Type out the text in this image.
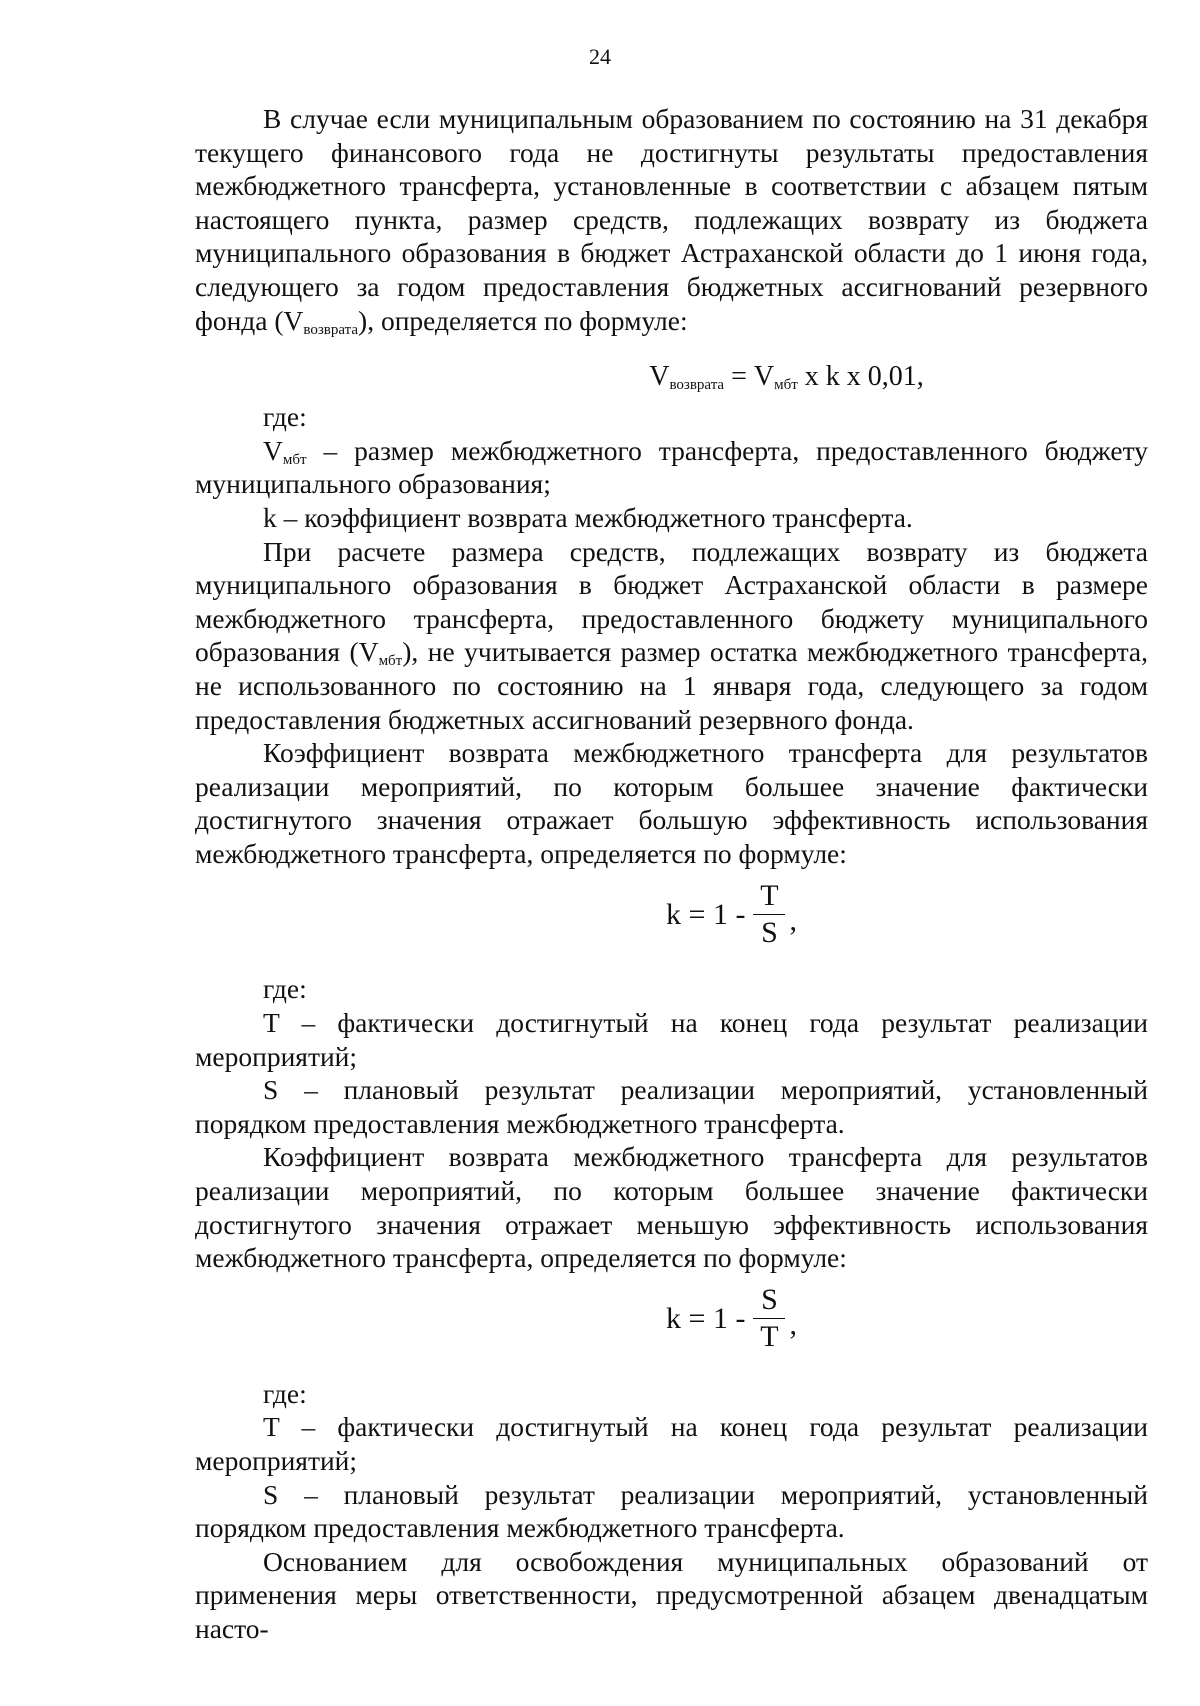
24

В случае если муниципальным образованием по состоянию на 31 декабря текущего финансового года не достигнуты результаты предоставления межбюджетного трансферта, установленные в соответствии с абзацем пятым настоящего пункта, размер средств, подлежащих возврату из бюджета муниципального образования в бюджет Астраханской области до 1 июня года, следующего за годом предоставления бюджетных ассигнований резервного фонда $(V_{возврата})$, определяется по формуле:

$V_{возврата} = V_{мбт}$ x k x 0,01,

где:

$V_{мбт}$ – размер межбюджетного трансферта, предоставленного бюджету муниципального образования;

k – коэффициент возврата межбюджетного трансферта.

При расчете размера средств, подлежащих возврату из бюджета муниципального образования в бюджет Астраханской области в размере межбюджетного трансферта, предоставленного бюджету муниципального образования $(V_{мбт})$, не учитывается размер остатка межбюджетного трансферта, не использованного по состоянию на 1 января года, следующего за годом предоставления бюджетных ассигнований резервного фонда.

Коэффициент возврата межбюджетного трансферта для результатов реализации мероприятий, по которым большее значение фактически достигнутого значения отражает большую эффективность использования межбюджетного трансферта, определяется по формуле:

$k = 1 - \frac{T}{S}$ ,

где:

T – фактически достигнутый на конец года результат реализации мероприятий;

S – плановый результат реализации мероприятий, установленный порядком предоставления межбюджетного трансферта.

Коэффициент возврата межбюджетного трансферта для результатов реализации мероприятий, по которым большее значение фактически достигнутого значения отражает меньшую эффективность использования межбюджетного трансферта, определяется по формуле:

$k = 1 - \frac{S}{T}$ ,

где:

T – фактически достигнутый на конец года результат реализации мероприятий;

S – плановый результат реализации мероприятий, установленный порядком предоставления межбюджетного трансферта.

Основанием для освобождения муниципальных образований от применения меры ответственности, предусмотренной абзацем двенадцатым насто-
